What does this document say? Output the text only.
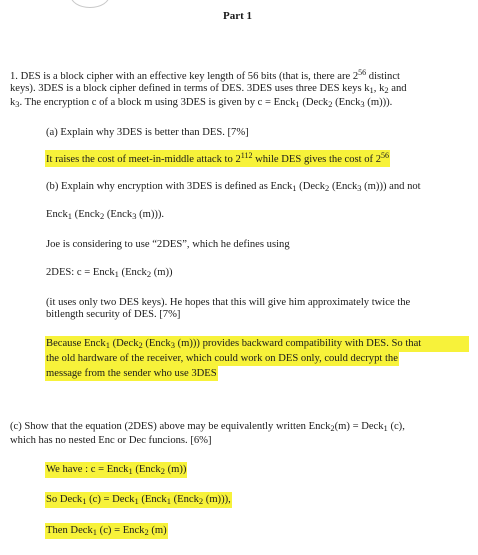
Part 1
1. DES is a block cipher with an effective key length of 56 bits (that is, there are $2^{56}$ distinct
keys). 3DES is a block cipher defined in terms of DES. 3DES uses three DES keys $k_1$, $k_2$ and
$k_3$. The encryption c of a block m using 3DES is given by c = Enck$_1$ (Deck$_2$ (Enck$_3$ (m))).
(a) Explain why 3DES is better than DES. [7%]
It raises the cost of meet-in-middle attack to $2^{112}$ while DES gives the cost of $2^{56}$
(b) Explain why encryption with 3DES is defined as Enck$_1$ (Deck$_2$ (Enck$_3$ (m))) and not
Enck$_1$ (Enck$_2$ (Enck$_3$ (m))).
Joe is considering to use “2DES”, which he defines using
2DES: c = Enck$_1$ (Enck$_2$ (m))
(it uses only two DES keys). He hopes that this will give him approximately twice the
bitlength security of DES. [7%]
Because Enck$_1$ (Deck$_2$ (Enck$_3$ (m))) provides backward compatibility with DES. So that
the old hardware of the receiver, which could work on DES only, could decrypt the
message from the sender who use 3DES
(c) Show that the equation (2DES) above may be equivalently written Enck$_2$(m) = Deck$_1$ (c),
which has no nested Enc or Dec funcions. [6%]
We have : c = Enck$_1$ (Enck$_2$ (m))
So Deck$_1$ (c) = Deck$_1$ (Enck$_1$ (Enck$_2$ (m))),
Then Deck$_1$ (c) = Enck$_2$ (m)
